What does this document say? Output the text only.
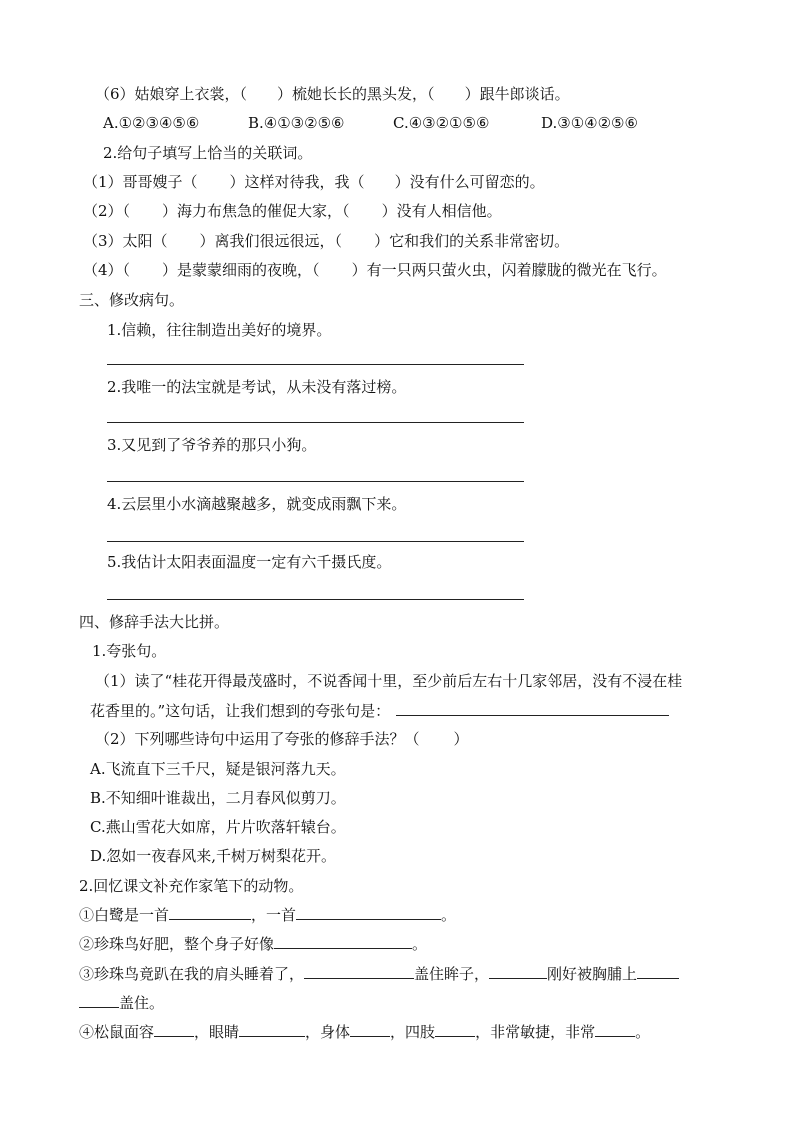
（6）姑娘穿上衣裳，（ ）梳她长长的黑头发，（ ）跟牛郎谈话。
A.①②③④⑤⑥	B.④①③②⑤⑥	C.④③②①⑤⑥	D.③①④②⑤⑥
2.给句子填写上恰当的关联词。
（1）哥哥嫂子（ ）这样对待我，我（ ）没有什么可留恋的。
（2）（ ）海力布焦急的催促大家，（ ）没有人相信他。
（3）太阳（ ）离我们很远很远，（ ）它和我们的关系非常密切。
（4）（ ）是蒙蒙细雨的夜晚，（ ）有一只两只萤火虫，闪着朦胧的微光在飞行。
三、修改病句。
1.信赖，往往制造出美好的境界。
2.我唯一的法宝就是考试，从未没有落过榜。
3.又见到了爷爷养的那只小狗。
4.云层里小水滴越聚越多，就变成雨飘下来。
5.我估计太阳表面温度一定有六千摄氏度。
四、修辞手法大比拼。
1.夸张句。
（1）读了“桂花开得最茂盛时，不说香闻十里，至少前后左右十几家邻居，没有不浸在桂
花香里的。”这句话，让我们想到的夸张句是：
（2）下列哪些诗句中运用了夸张的修辞手法？（ ）
A.飞流直下三千尺，疑是银河落九天。
B.不知细叶谁裁出，二月春风似剪刀。
C.燕山雪花大如席，片片吹落轩辕台。
D.忽如一夜春风来,千树万树梨花开。
2.回忆课文补充作家笔下的动物。
①白鹭是一首	，一首	。
②珍珠鸟好肥，整个身子好像	。
③珍珠鸟竟趴在我的肩头睡着了，	盖住眸子，	刚好被胸脯上
盖住。
④松鼠面容	，眼睛	，身体	，四肢	，非常敏捷，非常	。
